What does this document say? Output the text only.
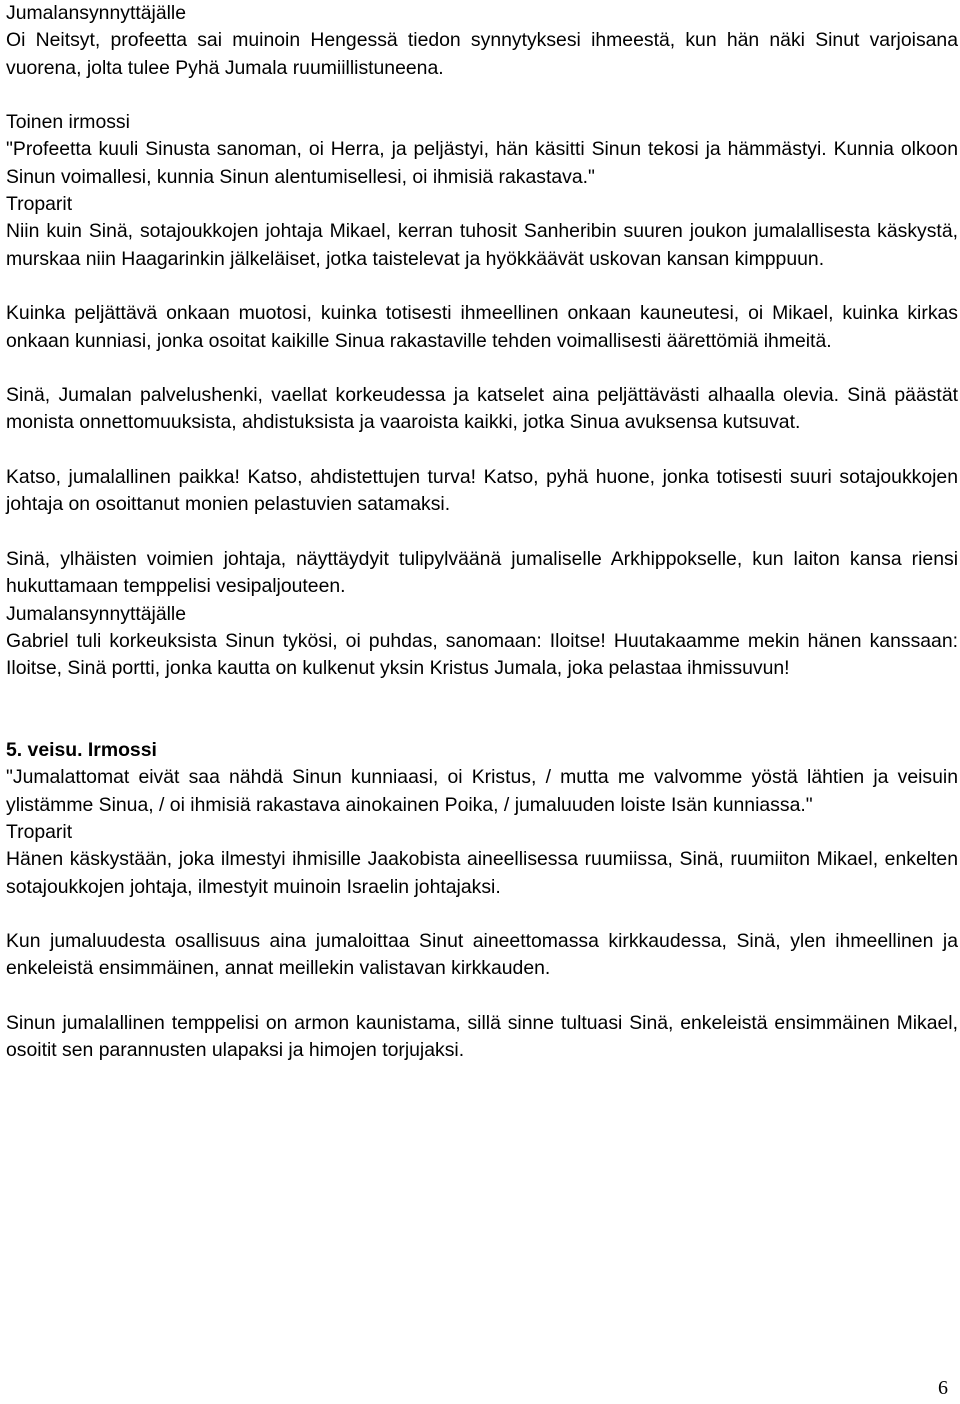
Jumalansynnyttäjälle

Oi Neitsyt, profeetta sai muinoin Hengessä tiedon synnytyksesi ihmeestä, kun hän näki Sinut varjoisana vuorena, jolta tulee Pyhä Jumala ruumiillistuneena.

Toinen irmossi

"Profeetta kuuli Sinusta sanoman, oi Herra, ja peljästyi, hän käsitti Sinun tekosi ja hämmästyi. Kunnia olkoon Sinun voimallesi, kunnia Sinun alentumisellesi, oi ihmisiä rakastava."

Troparit

Niin kuin Sinä, sotajoukkojen johtaja Mikael, kerran tuhosit Sanheribin suuren joukon jumalallisesta käskystä, murskaa niin Haagarinkin jälkeläiset, jotka taistelevat ja hyökkäävät uskovan kansan kimppuun.

Kuinka peljättävä onkaan muotosi, kuinka totisesti ihmeellinen onkaan kauneutesi, oi Mikael, kuinka kirkas onkaan kunniasi, jonka osoitat kaikille Sinua rakastaville tehden voimallisesti äärettömiä ihmeitä.

Sinä, Jumalan palvelushenki, vaellat korkeudessa ja katselet aina peljättävästi alhaalla olevia. Sinä päästät monista onnettomuuksista, ahdistuksista ja vaaroista kaikki, jotka Sinua avuksensa kutsuvat.

Katso, jumalallinen paikka! Katso, ahdistettujen turva! Katso, pyhä huone, jonka totisesti suuri sotajoukkojen johtaja on osoittanut monien pelastuvien satamaksi.

Sinä, ylhäisten voimien johtaja, näyttäydyit tulipylväänä jumaliselle Arkhippokselle, kun laiton kansa riensi hukuttamaan temppelisi vesipaljouteen.

Jumalansynnyttäjälle

Gabriel tuli korkeuksista Sinun tykösi, oi puhdas, sanomaan: Iloitse! Huutakaamme mekin hänen kanssaan: Iloitse, Sinä portti, jonka kautta on kulkenut yksin Kristus Jumala, joka pelastaa ihmissuvun!

5. veisu. Irmossi

"Jumalattomat eivät saa nähdä Sinun kunniaasi, oi Kristus, / mutta me valvomme yöstä lähtien ja veisuin ylistämme Sinua, / oi ihmisiä rakastava ainokainen Poika, / jumaluuden loiste Isän kunniassa."

Troparit

Hänen käskystään, joka ilmestyi ihmisille Jaakobista aineellisessa ruumiissa, Sinä, ruumiiton Mikael, enkelten sotajoukkojen johtaja, ilmestyit muinoin Israelin johtajaksi.

Kun jumaluudesta osallisuus aina jumaloittaa Sinut aineettomassa kirkkaudessa, Sinä, ylen ihmeellinen ja enkeleistä ensimmäinen, annat meillekin valistavan kirkkauden.

Sinun jumalallinen temppelisi on armon kaunistama, sillä sinne tultuasi Sinä, enkeleistä ensimmäinen Mikael, osoitit sen parannusten ulapaksi ja himojen torjujaksi.

6
